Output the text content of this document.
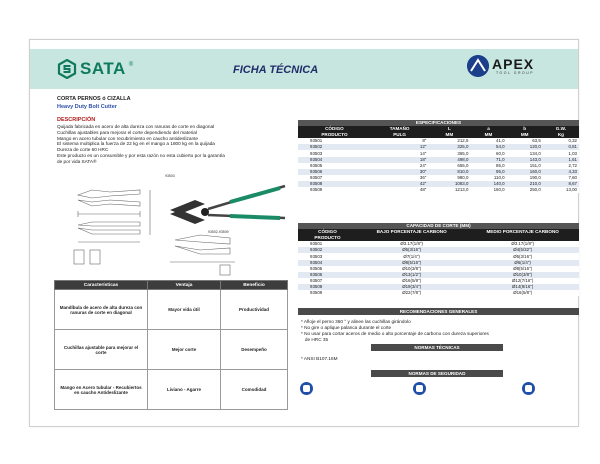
SATA ®	FICHA TÉCNICA	APEX
TOOL GROUP
CORTA PERNOS ó CIZALLA
Heavy Duty Bolt Cutter
DESCRIPCIÓN
Quijada fabricada en acero de alta dureza con ranuras de corte en diagonal
Cuchillas ajustables para mejorar el corte dependiendo del material
Mango en acero tubular con recubrimiento en caucho antideslizante
El sistema multiplica la fuerza de 22 kg en el mango a 1800 kg en la quijada
Dureza de corte 60 HRC
Este producto es un consumible y por esta razón no esta cubierto por la garantía
de por vida SATA®
93503
93502-93509
Características	Ventaja	Beneficio
Mandíbula de acero de alta dureza con ranuras de corte en diagonal	Mayor vida útil	Productividad
Cuchillas ajustable para mejorar el corte	Mejor corte	Desempeño
Mango en Acero tubular - Recubiertos en caucho Antideslizante	Liviano - Agarre	Comodidad
ESPECIFICACIONES					
CÓDIGO	TAMAÑO	L	a	b	G.W.
PRODUCTO	PULG	MM	MM	MM	Kg
93501	8"	212,5	41,0	63,5	0,32
93502	12"	325,0	54,0	120,0	0,81
93503	14"	365,0	60,0	134,0	1,03
93504	18"	498,0	71,0	143,0	1,61
93505	24"	655,0	85,0	151,0	2,72
93506	30"	810,0	95,0	160,0	4,33
93507	36"	980,0	110,0	190,0	7,60
93508	42"	1083,0	140,0	210,0	8,67
93509	48"	1213,0	160,0	250,0	13,00
CAPACIDAD DE CORTE (MM)		
CÓDIGO	BAJO PORCENTAJE CARBONO	MEDIO PORCENTAJE CARBONO
PRODUCTO		
93501	Ø3.17(1/8")	Ø3.17(1/8")
93502	Ø5(3/16")	Ø4(5/32")
93503	Ø7(1/4")	Ø5(3/16")
93504	Ø8(5/16")	Ø6(1/4")
93505	Ø10(3/8")	Ø8(5/16")
93506	Ø13(1/2")	Ø10(3/8")
93507	Ø16(5/8")	Ø12(7/16")
93508	Ø19(3/4")	Ø14(9/16")
93509	Ø22(7/8")	Ø16(5/8")
RECOMENDACIONES GENERALES
* Afloje el perno 360 ° y alinee las cuchillas girándolo
* No gire o aplique palanca durante el corte
* No usar para cortar aceros de medio o alto porcentaje de carbono con dureza superiores
de HRC 35
NORMAS TÉCNICAS
* ANSI B107.16M
NORMAS DE SEGURIDAD
